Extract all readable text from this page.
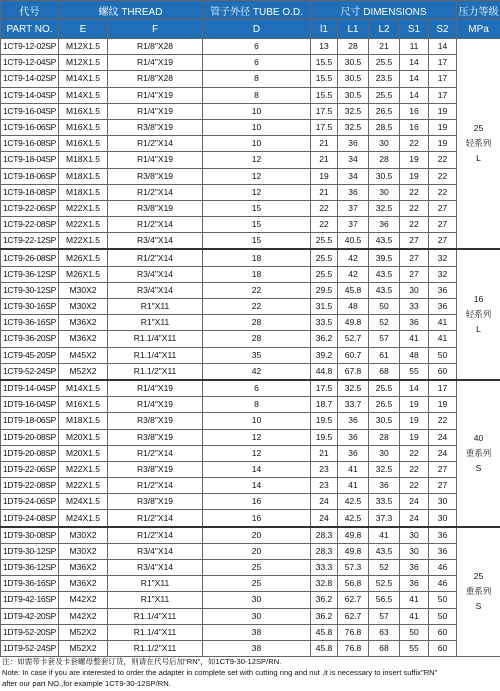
代号	螺纹 THREAD		管子外径 TUBE O.D.	尺寸 DIMENSIONS					压力等级
PART NO.	E	F	D	l1	L1	L2	S1	S2	MPa
1CT9-12-02SP	M12X1.5	R1/8"X28	6	13	28	21	11	14	25
轻系列
L

1CT9-12-04SP	M12X1.5	R1/4"X19	6	15.5	30.5	25.5	14	17	
1CT9-14-02SP	M14X1.5	R1/8"X28	8	15.5	30.5	23.5	14	17	
1CT9-14-04SP	M14X1.5	R1/4"X19	8	15.5	30.5	25.5	14	17	
1CT9-16-04SP	M16X1.5	R1/4"X19	10	17.5	32.5	26.5	16	19	
1CT9-16-06SP	M16X1.5	R3/8"X19	10	17.5	32.5	28.5	16	19	
1CT9-16-08SP	M16X1.5	R1/2"X14	10	21	36	30	22	19	
1CT9-18-04SP	M18X1.5	R1/4"X19	12	21	34	28	19	22	
1CT9-18-06SP	M18X1.5	R3/8"X19	12	19	34	30.5	19	22	
1CT9-18-08SP	M18X1.5	R1/2"X14	12	21	36	30	22	22	
1CT9-22-06SP	M22X1.5	R3/8"X19	15	22	37	32.5	22	27	
1CT9-22-08SP	M22X1.5	R1/2"X14	15	22	37	36	22	27	
1CT9-22-12SP	M22X1.5	R3/4"X14	15	25.5	40.5	43.5	27	27	
1CT9-26-08SP	M26X1.5	R1/2"X14	18	25.5	42	39.5	27	32	16
轻系列
L

1CT9-36-12SP	M26X1.5	R3/4"X14	18	25.5	42	43.5	27	32	
1CT9-30-12SP	M30X2	R3/4"X14	22	29.5	45.8	43.5	30	36	
1CT9-30-16SP	M30X2	R1"X11	22	31.5	48	50	33	36	
1CT9-36-16SP	M36X2	R1"X11	28	33.5	49.8	52	36	41	
1CT9-36-20SP	M36X2	R1.1/4"X11	28	36.2	52.7	57	41	41	
1CT9-45-20SP	M45X2	R1.1/4"X11	35	39.2	60.7	61	48	50	
1CT9-52-24SP	M52X2	R1.1/2"X11	42	44.8	67.8	68	55	60	
1DT9-14-04SP	M14X1.5	R1/4"X19	6	17.5	32.5	25.5	14	17	40
重系列
S

1DT9-16-04SP	M16X1.5	R1/4"X19	8	18.7	33.7	26.5	19	19	
1DT9-18-06SP	M18X1.5	R3/8"X19	10	19.5	36	30.5	19	22	
1DT9-20-08SP	M20X1.5	R3/8"X19	12	19.5	36	28	19	24	
1DT9-20-08SP	M20X1.5	R1/2"X14	12	21	36	30	22	24	
1DT9-22-06SP	M22X1.5	R3/8"X19	14	23	41	32.5	22	27	
1DT9-22-08SP	M22X1.5	R1/2"X14	14	23	41	36	22	27	
1DT9-24-06SP	M24X1.5	R3/8"X19	16	24	42.5	33.5	24	30	
1DT9-24-08SP	M24X1.5	R1/2"X14	16	24	42.5	37.3	24	30	
1DT9-30-08SP	M30X2	R1/2"X14	20	28.3	49.8	41	30	36	25
重系列
S

1DT9-30-12SP	M30X2	R3/4"X14	20	28.3	49.8	43.5	30	36	
1DT9-36-12SP	M36X2	R3/4"X14	25	33.3	57.3	52	36	46	
1DT9-36-16SP	M36X2	R1"X11	25	32.8	56.8	52.5	36	46	
1DT9-42-16SP	M42X2	R1"X11	30	36.2	62.7	56.5	41	50	
1DT9-42-20SP	M42X2	R1.1/4"X11	30	36.2	62.7	57	41	50	
1DT9-52-20SP	M52X2	R1.1/4"X11	38	45.8	76.8	63	50	60	
1DT9-52-24SP	M52X2	R1.1/2"X11	38	45.8	76.8	68	55	60	
注：如需带卡套及卡套螺母整套订货，则请在代号后加“RN”，如1CT9-30-12SP/RN.
Note: In case if you are interested to order the adapter in complete set with cutting ring and nut ,it is necessary to insert suffix"RN"
after our part NO.,for example 1CT9-30-12SP/RN.
